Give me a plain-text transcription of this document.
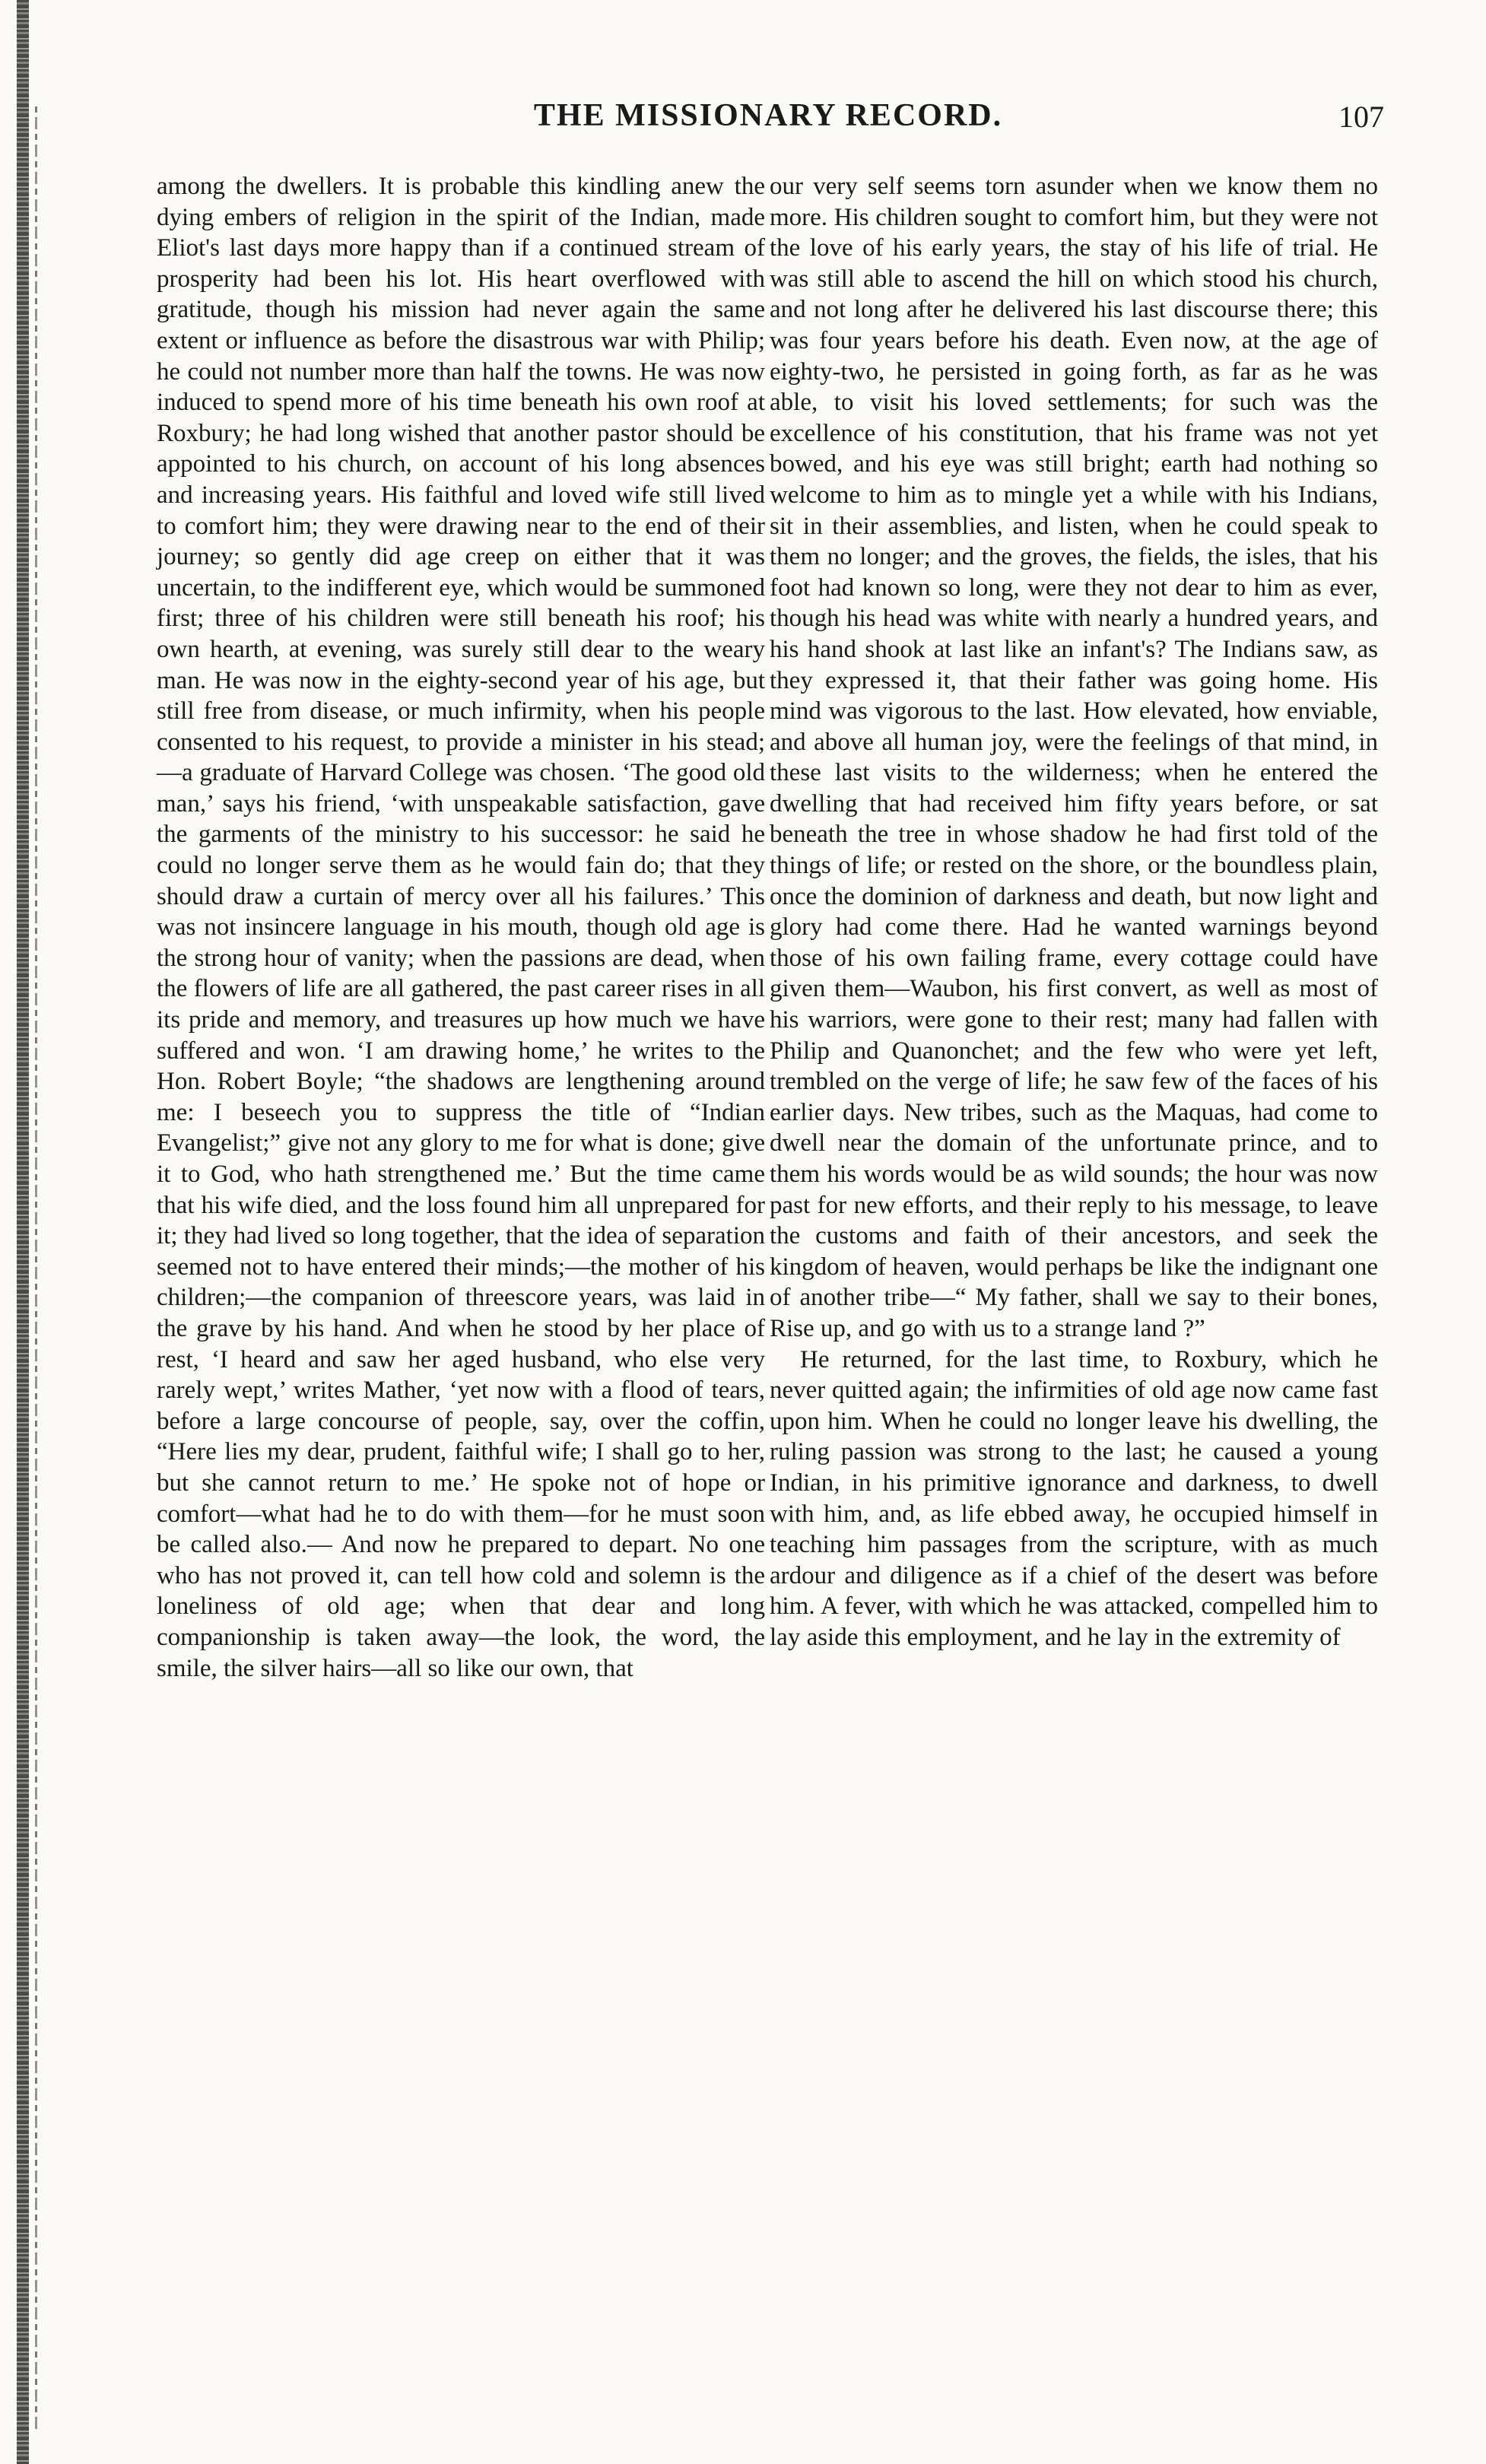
THE MISSIONARY RECORD.	107

among the dwellers. It is probable this kindling anew the dying embers of religion in the spirit of the Indian, made Eliot's last days more happy than if a continued stream of prosperity had been his lot. His heart overflowed with gratitude, though his mission had never again the same extent or influence as before the disastrous war with Philip; he could not number more than half the towns. He was now induced to spend more of his time beneath his own roof at Roxbury; he had long wished that another pastor should be appointed to his church, on account of his long absences and increasing years. His faithful and loved wife still lived to comfort him; they were drawing near to the end of their journey; so gently did age creep on either that it was uncertain, to the indifferent eye, which would be summoned first; three of his children were still beneath his roof; his own hearth, at evening, was surely still dear to the weary man. He was now in the eighty-second year of his age, but still free from disease, or much infirmity, when his people consented to his request, to provide a minister in his stead;—a graduate of Harvard College was chosen. ‘The good old man,’ says his friend, ‘with unspeakable satisfaction, gave the garments of the ministry to his successor: he said he could no longer serve them as he would fain do; that they should draw a curtain of mercy over all his failures.’ This was not insincere language in his mouth, though old age is the strong hour of vanity; when the passions are dead, when the flowers of life are all gathered, the past career rises in all its pride and memory, and treasures up how much we have suffered and won. ‘I am drawing home,’ he writes to the Hon. Robert Boyle; “the shadows are lengthening around me: I beseech you to suppress the title of “Indian Evangelist;” give not any glory to me for what is done; give it to God, who hath strengthened me.’ But the time came that his wife died, and the loss found him all unprepared for it; they had lived so long together, that the idea of separation seemed not to have entered their minds;—the mother of his children;—the companion of threescore years, was laid in the grave by his hand. And when he stood by her place of rest, ‘I heard and saw her aged husband, who else very rarely wept,’ writes Mather, ‘yet now with a flood of tears, before a large concourse of people, say, over the coffin, “Here lies my dear, prudent, faithful wife; I shall go to her, but she cannot return to me.’ He spoke not of hope or comfort—what had he to do with them—for he must soon be called also.— And now he prepared to depart. No one who has not proved it, can tell how cold and solemn is the loneliness of old age; when that dear and long companionship is taken away—the look, the word, the smile, the silver hairs—all so like our own, that

our very self seems torn asunder when we know them no more. His children sought to comfort him, but they were not the love of his early years, the stay of his life of trial. He was still able to ascend the hill on which stood his church, and not long after he delivered his last discourse there; this was four years before his death. Even now, at the age of eighty-two, he persisted in going forth, as far as he was able, to visit his loved settlements; for such was the excellence of his constitution, that his frame was not yet bowed, and his eye was still bright; earth had nothing so welcome to him as to mingle yet a while with his Indians, sit in their assemblies, and listen, when he could speak to them no longer; and the groves, the fields, the isles, that his foot had known so long, were they not dear to him as ever, though his head was white with nearly a hundred years, and his hand shook at last like an infant's? The Indians saw, as they expressed it, that their father was going home. His mind was vigorous to the last. How elevated, how enviable, and above all human joy, were the feelings of that mind, in these last visits to the wilderness; when he entered the dwelling that had received him fifty years before, or sat beneath the tree in whose shadow he had first told of the things of life; or rested on the shore, or the boundless plain, once the dominion of darkness and death, but now light and glory had come there. Had he wanted warnings beyond those of his own failing frame, every cottage could have given them—Waubon, his first convert, as well as most of his warriors, were gone to their rest; many had fallen with Philip and Quanonchet; and the few who were yet left, trembled on the verge of life; he saw few of the faces of his earlier days. New tribes, such as the Maquas, had come to dwell near the domain of the unfortunate prince, and to them his words would be as wild sounds; the hour was now past for new efforts, and their reply to his message, to leave the customs and faith of their ancestors, and seek the kingdom of heaven, would perhaps be like the indignant one of another tribe—“ My father, shall we say to their bones, Rise up, and go with us to a strange land ?”

He returned, for the last time, to Roxbury, which he never quitted again; the infirmities of old age now came fast upon him. When he could no longer leave his dwelling, the ruling passion was strong to the last; he caused a young Indian, in his primitive ignorance and darkness, to dwell with him, and, as life ebbed away, he occupied himself in teaching him passages from the scripture, with as much ardour and diligence as if a chief of the desert was before him. A fever, with which he was attacked, compelled him to lay aside this employment, and he lay in the extremity of
